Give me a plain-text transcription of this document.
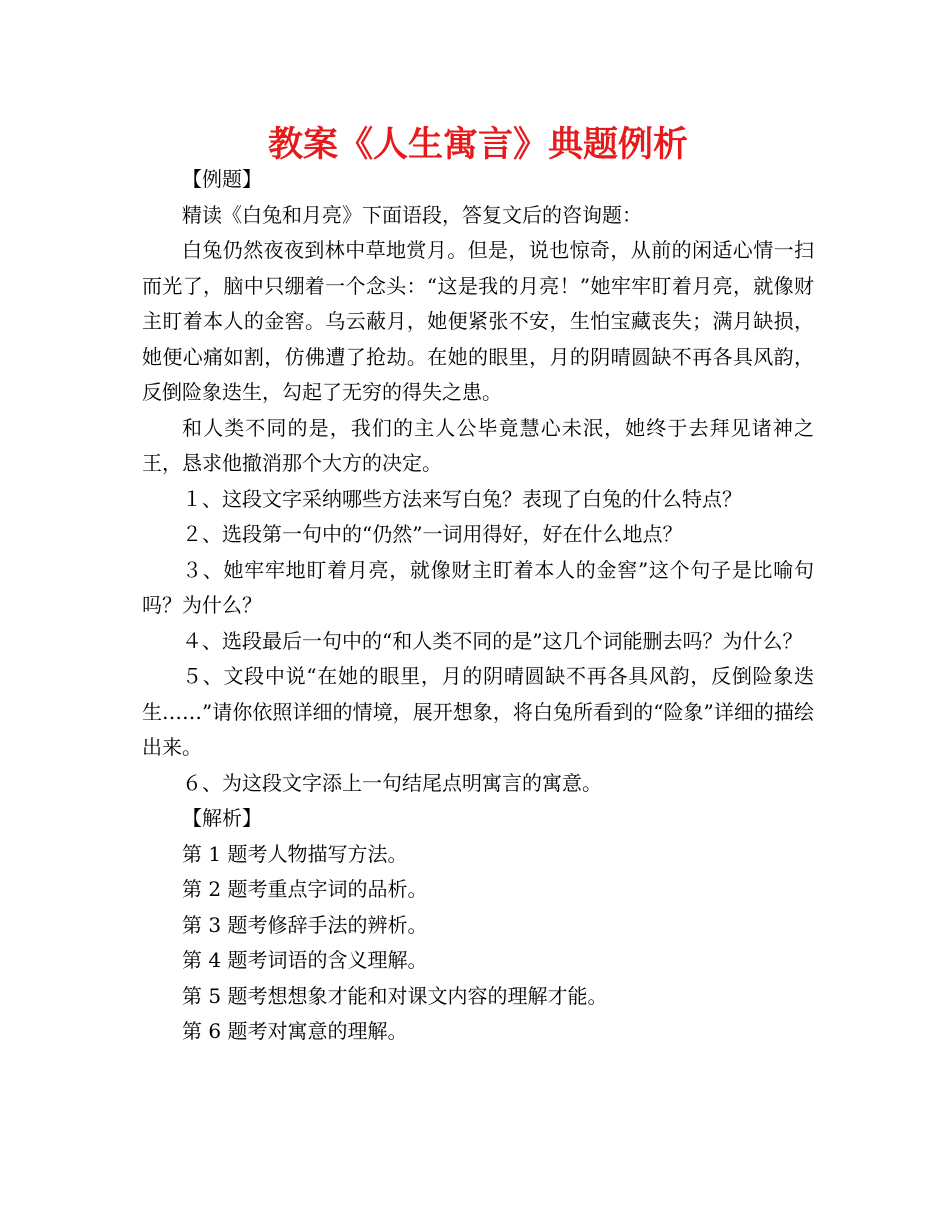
教案《人生寓言》典题例析

【例题】

精读《白兔和月亮》下面语段，答复文后的咨询题：

白兔仍然夜夜到林中草地赏月。但是，说也惊奇，从前的闲适心情一扫而光了，脑中只绷着一个念头：“这是我的月亮！”她牢牢盯着月亮，就像财主盯着本人的金窖。乌云蔽月，她便紧张不安，生怕宝藏丧失；满月缺损，她便心痛如割，仿佛遭了抢劫。在她的眼里，月的阴晴圆缺不再各具风韵，反倒险象迭生，勾起了无穷的得失之患。

和人类不同的是，我们的主人公毕竟慧心未泯，她终于去拜见诸神之王，恳求他撤消那个大方的决定。

１、这段文字采纳哪些方法来写白兔？表现了白兔的什么特点？

２、选段第一句中的“仍然”一词用得好，好在什么地点？

３、她牢牢地盯着月亮，就像财主盯着本人的金窖”这个句子是比喻句吗？为什么？

４、选段最后一句中的“和人类不同的是”这几个词能删去吗？为什么？

５、文段中说“在她的眼里，月的阴晴圆缺不再各具风韵，反倒险象迭生……”请你依照详细的情境，展开想象，将白兔所看到的“险象”详细的描绘出来。

６、为这段文字添上一句结尾点明寓言的寓意。

【解析】

第 1 题考人物描写方法。

第 2 题考重点字词的品析。

第 3 题考修辞手法的辨析。

第 4 题考词语的含义理解。

第 5 题考想想象才能和对课文内容的理解才能。

第 6 题考对寓意的理解。
